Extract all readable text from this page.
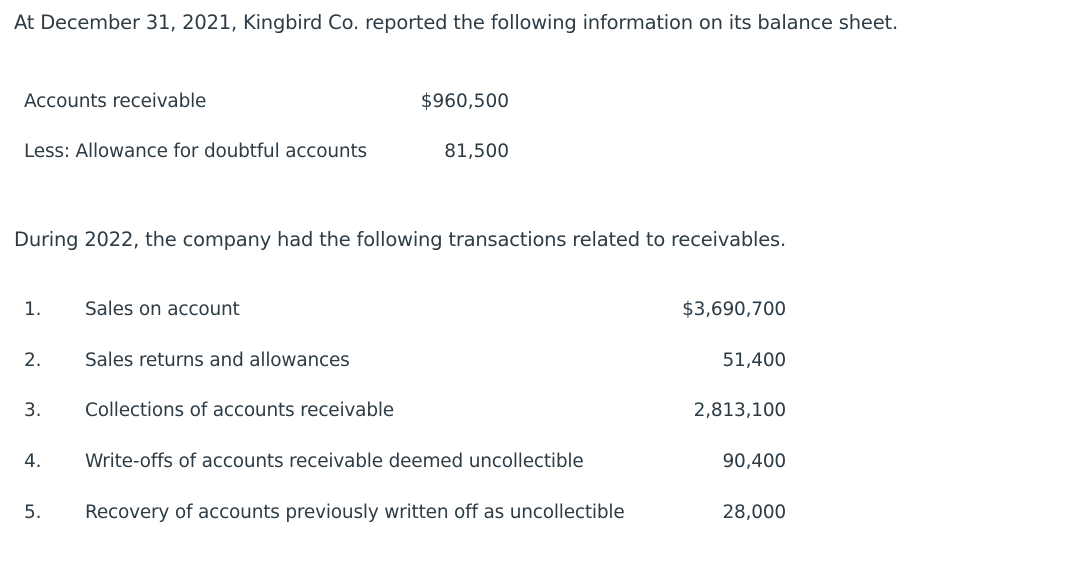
At December 31, 2021, Kingbird Co. reported the following information on its balance sheet.

Accounts receivable	$960,500
Less: Allowance for doubtful accounts	81,500

During 2022, the company had the following transactions related to receivables.

1.	Sales on account	$3,690,700
2.	Sales returns and allowances	51,400
3.	Collections of accounts receivable	2,813,100
4.	Write-offs of accounts receivable deemed uncollectible	90,400
5.	Recovery of accounts previously written off as uncollectible	28,000
